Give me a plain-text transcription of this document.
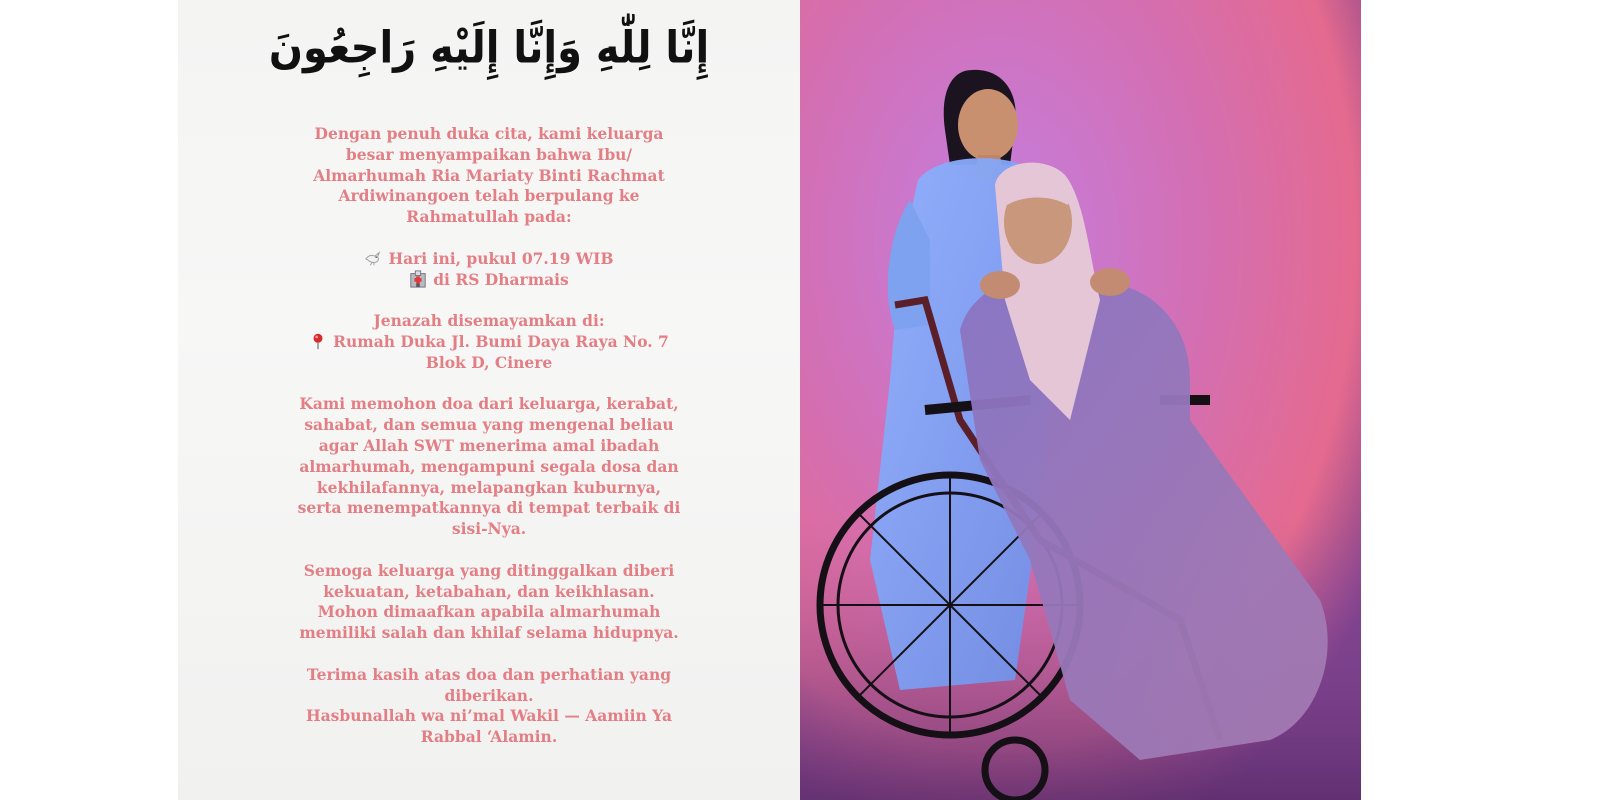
إِنَّا لِلّٰهِ وَإِنَّا إِلَيْهِ رَاجِعُونَ

Dengan penuh duka cita, kami keluarga
besar menyampaikan bahwa Ibu/
Almarhumah Ria Mariaty Binti Rachmat
Ardiwinangoen telah berpulang ke
Rahmatullah pada:

Hari ini, pukul 07.19 WIB
di RS Dharmais

Jenazah disemayamkan di:
Rumah Duka Jl. Bumi Daya Raya No. 7
Blok D, Cinere

Kami memohon doa dari keluarga, kerabat,
sahabat, dan semua yang mengenal beliau
agar Allah SWT menerima amal ibadah
almarhumah, mengampuni segala dosa dan
kekhilafannya, melapangkan kuburnya,
serta menempatkannya di tempat terbaik di
sisi-Nya.

Semoga keluarga yang ditinggalkan diberi
kekuatan, ketabahan, dan keikhlasan.
Mohon dimaafkan apabila almarhumah
memiliki salah dan khilaf selama hidupnya.

Terima kasih atas doa dan perhatian yang
diberikan.
Hasbunallah wa ni’mal Wakil — Aamiin Ya
Rabbal ‘Alamin.
